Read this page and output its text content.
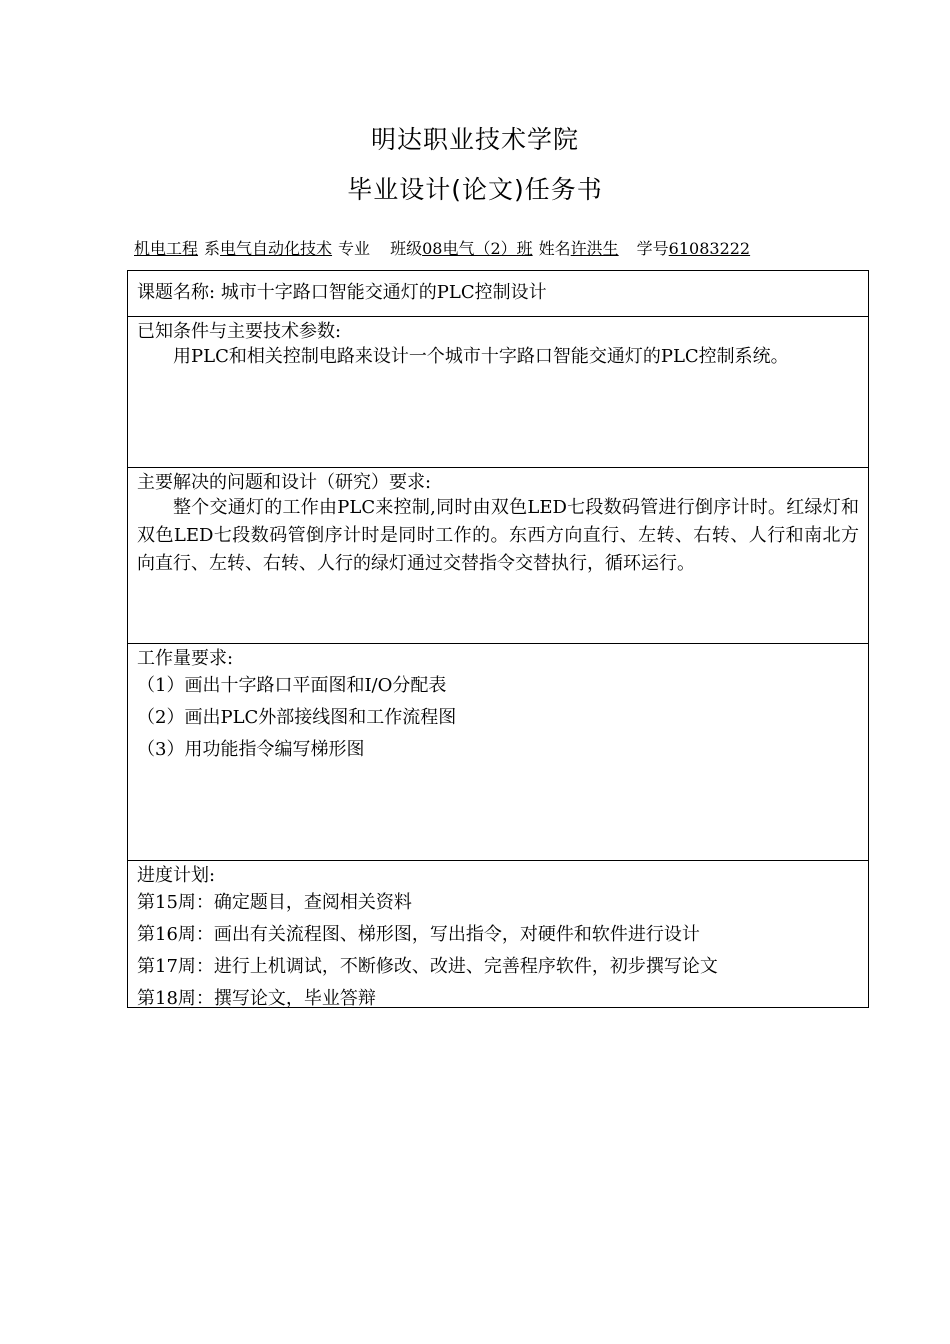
明达职业技术学院
毕业设计(论文)任务书
机电工程 系电气自动化技术 专业 班级08电气（2）班 姓名许洪生 学号61083222
课题名称: 城市十字路口智能交通灯的PLC控制设计
已知条件与主要技术参数:
用PLC和相关控制电路来设计一个城市十字路口智能交通灯的PLC控制系统。
主要解决的问题和设计（研究）要求:
整个交通灯的工作由PLC来控制,同时由双色LED七段数码管进行倒序计时。红绿灯和双色LED七段数码管倒序计时是同时工作的。东西方向直行、左转、右转、人行和南北方向直行、左转、右转、人行的绿灯通过交替指令交替执行，循环运行。
工作量要求:
（1）画出十字路口平面图和I/O分配表
（2）画出PLC外部接线图和工作流程图
（3）用功能指令编写梯形图
进度计划:
第15周：确定题目，查阅相关资料
第16周：画出有关流程图、梯形图，写出指令，对硬件和软件进行设计
第17周：进行上机调试，不断修改、改进、完善程序软件，初步撰写论文
第18周：撰写论文，毕业答辩
